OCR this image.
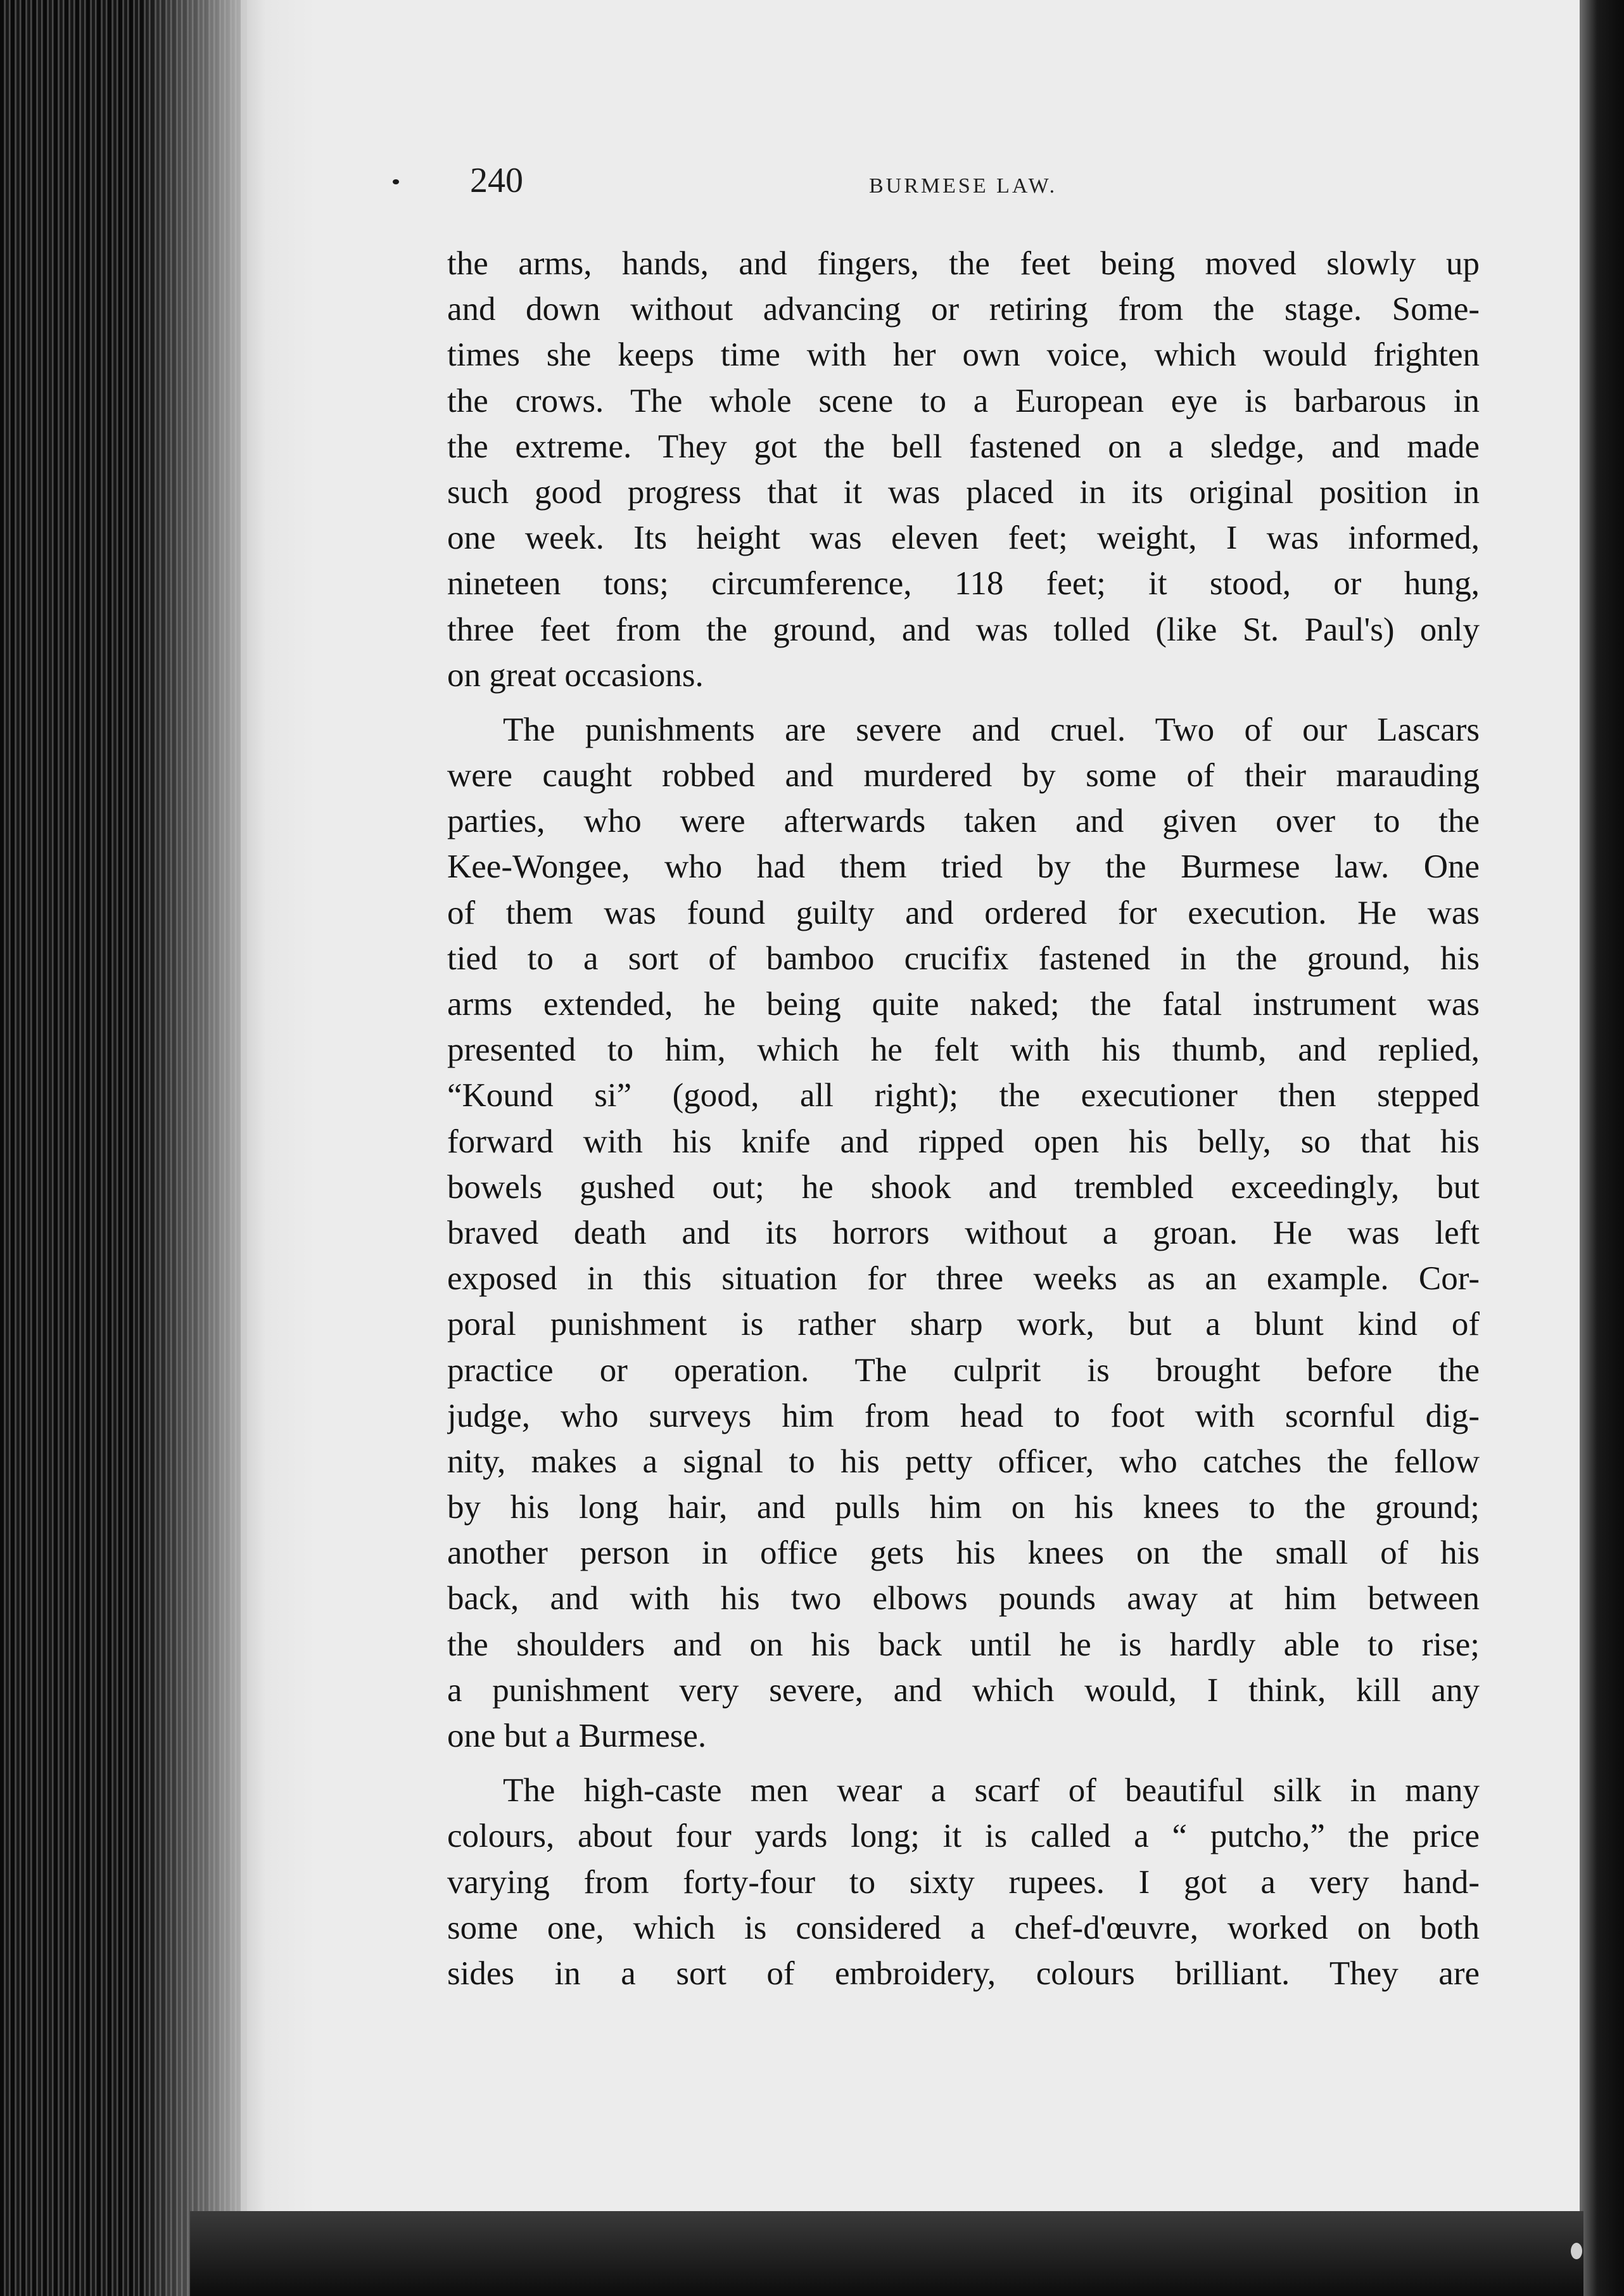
240	BURMESE LAW.
the arms, hands, and fingers, the feet being moved slowly up
and down without advancing or retiring from the stage. Some-
times she keeps time with her own voice, which would frighten
the crows. The whole scene to a European eye is barbarous in
the extreme. They got the bell fastened on a sledge, and made
such good progress that it was placed in its original position in
one week. Its height was eleven feet; weight, I was informed,
nineteen tons; circumference, 118 feet; it stood, or hung,
three feet from the ground, and was tolled (like St. Paul's) only
on great occasions.
The punishments are severe and cruel. Two of our Lascars
were caught robbed and murdered by some of their marauding
parties, who were afterwards taken and given over to the
Kee-Wongee, who had them tried by the Burmese law. One
of them was found guilty and ordered for execution. He was
tied to a sort of bamboo crucifix fastened in the ground, his
arms extended, he being quite naked; the fatal instrument was
presented to him, which he felt with his thumb, and replied,
“Kound si” (good, all right); the executioner then stepped
forward with his knife and ripped open his belly, so that his
bowels gushed out; he shook and trembled exceedingly, but
braved death and its horrors without a groan. He was left
exposed in this situation for three weeks as an example. Cor-
poral punishment is rather sharp work, but a blunt kind of
practice or operation. The culprit is brought before the
judge, who surveys him from head to foot with scornful dig-
nity, makes a signal to his petty officer, who catches the fellow
by his long hair, and pulls him on his knees to the ground;
another person in office gets his knees on the small of his
back, and with his two elbows pounds away at him between
the shoulders and on his back until he is hardly able to rise;
a punishment very severe, and which would, I think, kill any
one but a Burmese.
The high-caste men wear a scarf of beautiful silk in many
colours, about four yards long; it is called a “ putcho,” the price
varying from forty-four to sixty rupees. I got a very hand-
some one, which is considered a chef-d'œuvre, worked on both
sides in a sort of embroidery, colours brilliant. They are
